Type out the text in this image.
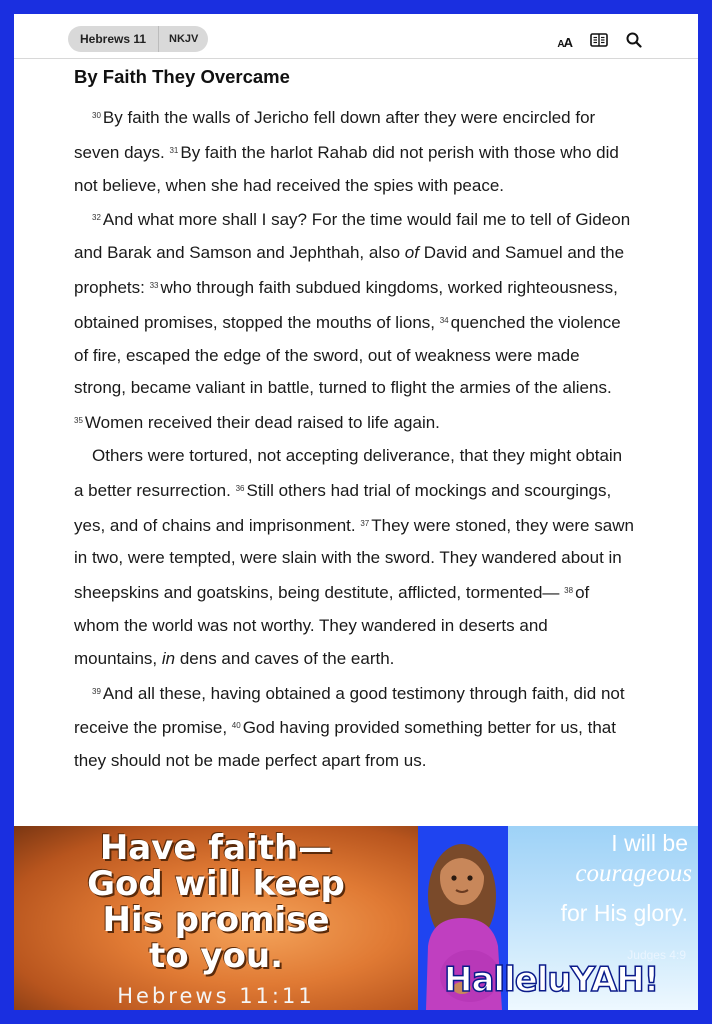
Hebrews 11	NKJV	AA
By Faith They Overcame

$^{30}$ By faith the walls of Jericho fell down after they were encircled for seven days. $^{31}$ By faith the harlot Rahab did not perish with those who did not believe, when she had received the spies with peace.

$^{32}$ And what more shall I say? For the time would fail me to tell of Gideon and Barak and Samson and Jephthah, also of David and Samuel and the prophets: $^{33}$ who through faith subdued kingdoms, worked righteousness, obtained promises, stopped the mouths of lions, $^{34}$ quenched the violence of fire, escaped the edge of the sword, out of weakness were made strong, became valiant in battle, turned to flight the armies of the aliens. $^{35}$ Women received their dead raised to life again.

Others were tortured, not accepting deliverance, that they might obtain a better resurrection. $^{36}$ Still others had trial of mockings and scourgings, yes, and of chains and imprisonment. $^{37}$ They were stoned, they were sawn in two, were tempted, were slain with the sword. They wandered about in sheepskins and goatskins, being destitute, afflicted, tormented— $^{38}$ of whom the world was not worthy. They wandered in deserts and mountains, in dens and caves of the earth.

$^{39}$ And all these, having obtained a good testimony through faith, did not receive the promise, $^{40}$ God having provided something better for us, that they should not be made perfect apart from us.

Have faith—
God will keep
His promise
to you.
Hebrews 11:11
I will be
courageous
for His glory.
Judges 4:9
HalleluYAH!
